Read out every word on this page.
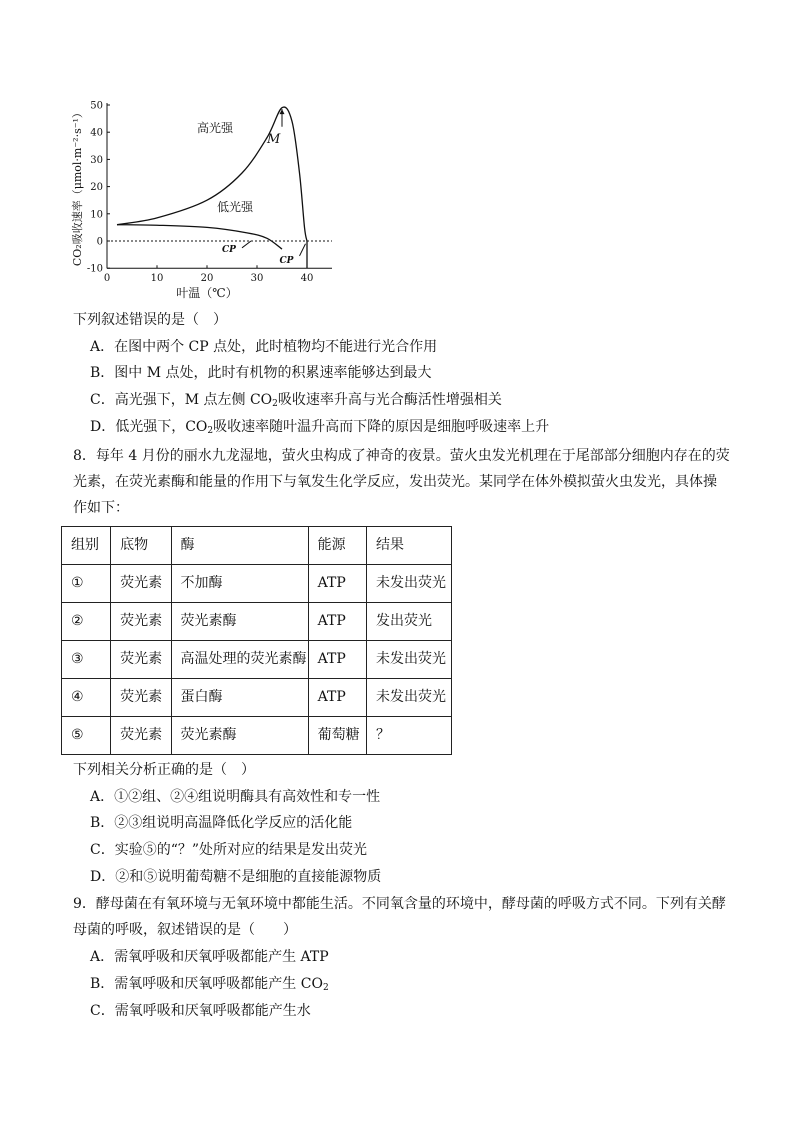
-10
0
10
20
30
40
50
0	10	20	30	40
叶温（℃）
CO₂吸收速率（μmol·m⁻²·s⁻¹）	高光强
低光强
M
CP
CP
下列叙述错误的是（　）
A．在图中两个 CP 点处，此时植物均不能进行光合作用
B．图中 M 点处，此时有机物的积累速率能够达到最大
C．高光强下，M 点左侧 $CO_2$吸收速率升高与光合酶活性增强相关
D．低光强下，$CO_2$吸收速率随叶温升高而下降的原因是细胞呼吸速率上升
8．每年 4 月份的丽水九龙湿地，萤火虫构成了神奇的夜景。萤火虫发光机理在于尾部部分细胞内存在的荧
光素，在荧光素酶和能量的作用下与氧发生化学反应，发出荧光。某同学在体外模拟萤火虫发光，具体操
作如下：
组别	底物	酶	能源	结果
①	荧光素	不加酶	ATP	未发出荧光
②	荧光素	荧光素酶	ATP	发出荧光
③	荧光素	高温处理的荧光素酶	ATP	未发出荧光
④	荧光素	蛋白酶	ATP	未发出荧光
⑤	荧光素	荧光素酶	葡萄糖	？
下列相关分析正确的是（　）
A．①②组、②④组说明酶具有高效性和专一性
B．②③组说明高温降低化学反应的活化能
C．实验⑤的“？”处所对应的结果是发出荧光
D．②和⑤说明葡萄糖不是细胞的直接能源物质
9．酵母菌在有氧环境与无氧环境中都能生活。不同氧含量的环境中，酵母菌的呼吸方式不同。下列有关酵
母菌的呼吸，叙述错误的是（　　）
A．需氧呼吸和厌氧呼吸都能产生 ATP
B．需氧呼吸和厌氧呼吸都能产生 $CO_2$
C．需氧呼吸和厌氧呼吸都能产生水
